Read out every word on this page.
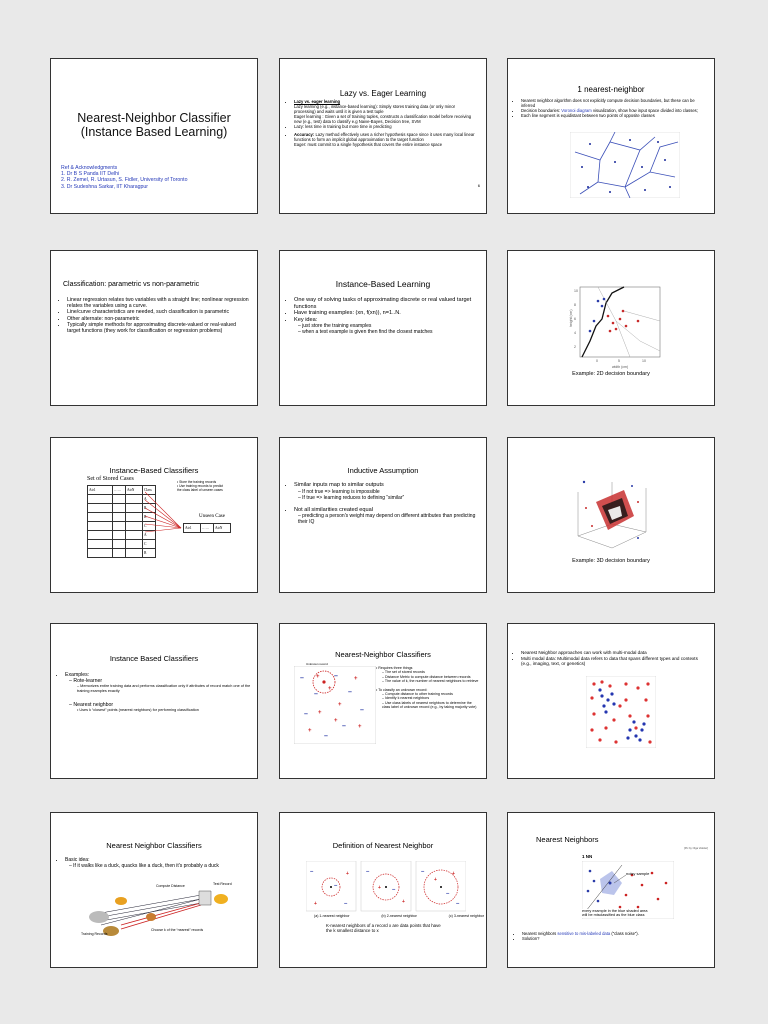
Nearest-Neighbor Classifier
(Instance Based Learning)
Ref & Acknowledgments
1. Dr B S Panda IIT Delhi
2. R. Zemel, R. Urtasun, S. Fidler, University of Toronto
3. Dr Sudeshna Sarkar, IIT Kharagpur
Lazy vs. Eager Learning
• Lazy vs. eager learning
Lazy learning (e.g., instance-based learning): Simply stores training data (or only minor processing) and waits until it is given a test tuple
Eager learning : Given a set of training tuples, constructs a classification model before receiving new (e.g., test) data to classify e.g Naive-Bayes, Decision tree, SVM
• Lazy: less time in training but more time in predicting
• Accuracy: Lazy method effectively uses a richer hypothesis space since it uses many local linear functions to form an implicit global approximation to the target function
Eager: must commit to a single hypothesis that covers the entire instance space
6
1 nearest-neighbor
• Nearest neighbor algorithm does not explicitly compute decision boundaries, but these can be inferred
• Decision boundaries: Voronoi diagram visualization, show how input space divided into classes;
• Each line segment is equidistant between two points of opposite classes
Classification: parametric vs non-parametric
• Linear regression relates two variables with a straight line; nonlinear regression relates the variables using a curve.
• Line/curve characteristics are needed, such classification is parametric
• Other alternate: non-parametric
• Typically simple methods for approximating discrete-valued or real-valued target functions (they work for classification or regression problems)
Instance-Based Learning
• One way of solving tasks of approximating discrete or real valued target functions
• Have training examples: (xn, f(xn)), n=1..N.
• Key idea:
– just store the training examples
– when a test example is given then find the closest matches
10
8
6
4
2
0	5	10
width (cm)
height (cm)
Example: 2D decision boundary
Instance-Based Classifiers
Set of Stored Cases
Atr1	……	AtrN	Class
			A
			B
			B
			C
			A
			C
			B
• Store the training records
• Use training records to predict the class label of unseen cases
Unseen Case
Atr1	……	AtrN
Inductive Assumption
• Similar inputs map to similar outputs
– If not true => learning is impossible
– If true => learning reduces to defining “similar”
• Not all similarities created equal
– predicting a person's weight may depend on different attributes than predicting their IQ
Example: 3D decision boundary
Instance Based Classifiers
• Examples:
– Rote-learner
– Memorizes entire training data and performs classification only if attributes of record match one of the training examples exactly
– Nearest neighbor
• Uses k “closest” points (nearest neighbors) for performing classification
Nearest-Neighbor Classifiers
Unknown record
–	–
–	–
–
–
–
–
+
+
+
+
+
+
+
+
• Requires three things
– The set of stored records
– Distance Metric to compute distance between records
– The value of k, the number of nearest neighbors to retrieve
• To classify an unknown record:
– Compute distance to other training records
– Identify k nearest neighbors
– Use class labels of nearest neighbors to determine the class label of unknown record (e.g., by taking majority vote)
• Nearest Neighbor approaches can work with multi-modal data
• Multi modal data: Multimodal data refers to data that spans different types and contexts (e.g., imaging, text, or genetics)
Nearest Neighbor Classifiers
• Basic idea:
– If it walks like a duck, quacks like a duck, then it's probably a duck
Compute Distance	Test Record
Training Records
Choose k of the “nearest” records
Definition of Nearest Neighbor
–
–
–
–
–
–
–
–
+
+
+
+
+
+
(a) 1-nearest neighbor	(b) 2-nearest neighbor	(c) 3-nearest neighbor
K-nearest neighbors of a record x are data points that have the k smallest distance to x
Nearest Neighbors
[Pic by Olga Veksler]
1 NN
noisy sample
every example in the blue shaded area will be misclassified as the blue class
• Nearest neighbors sensitive to mis-labeled data (“class noise”).
• Solution?
